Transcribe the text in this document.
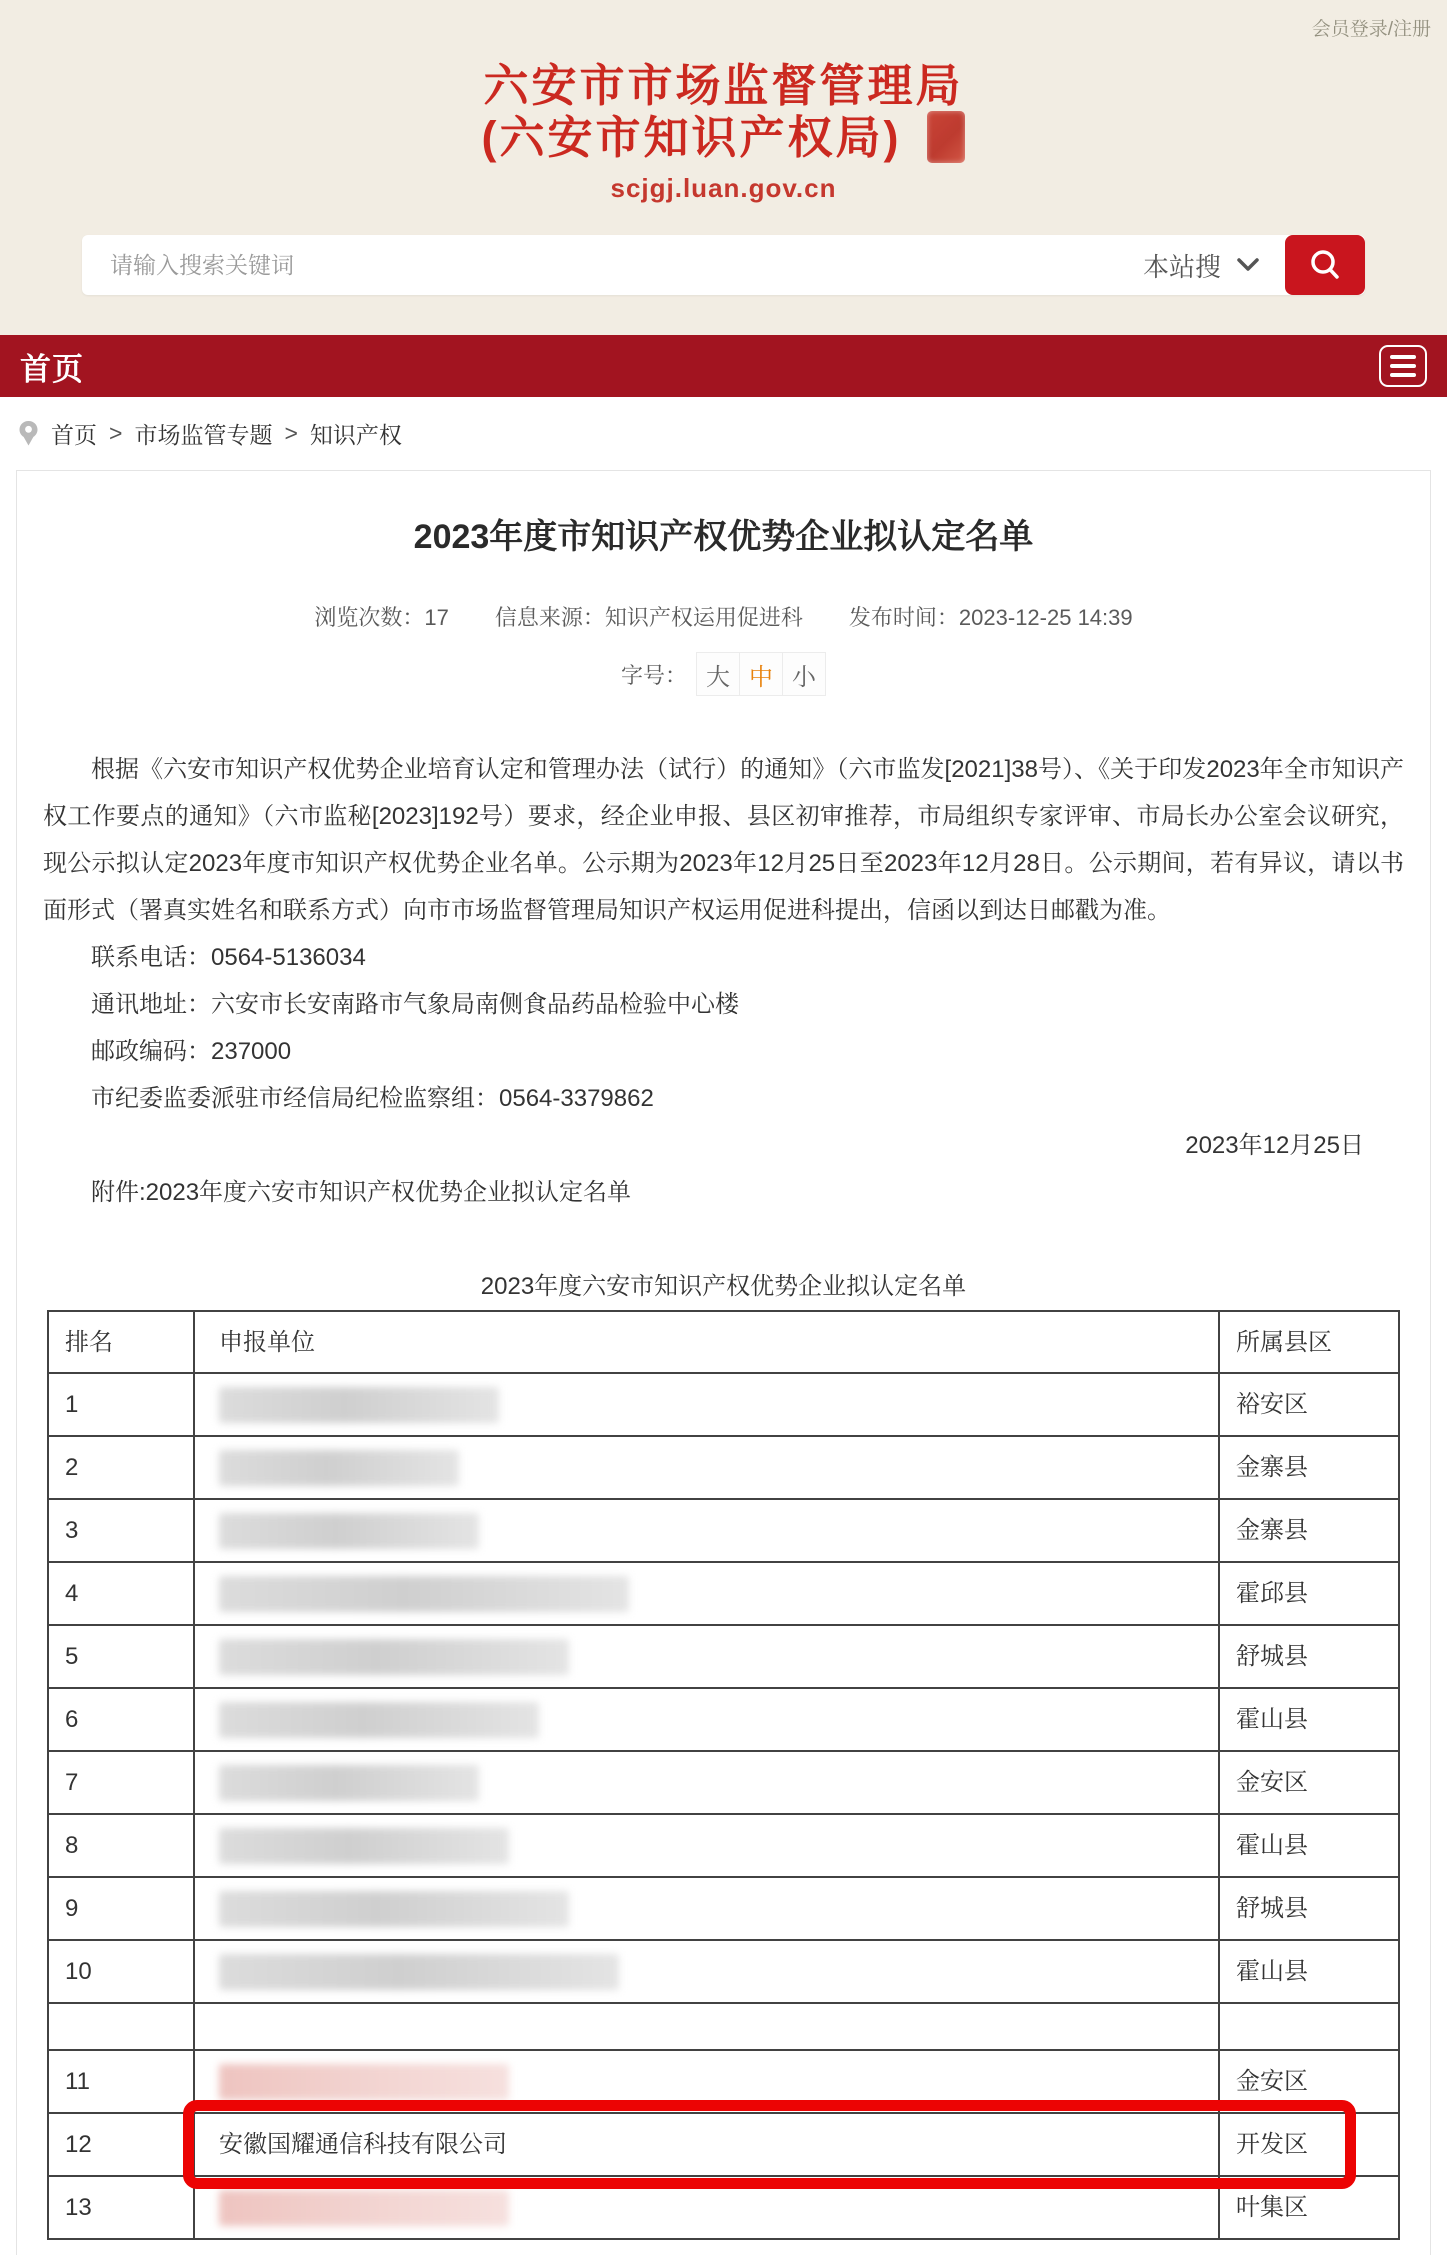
会员登录/注册
六安市市场监督管理局
(六安市知识产权局)
scjgj.luan.gov.cn
请输入搜索关键词
本站搜
首页
首页 > 市场监管专题 > 知识产权
2023年度市知识产权优势企业拟认定名单
浏览次数：17 信息来源：知识产权运用促进科 发布时间：2023-12-25 14:39
字号： 大 中 小

根据《六安市知识产权优势企业培育认定和管理办法（试行）的通知》（六市监发[2021]38号）、《关于印发2023年全市知识产权工作要点的通知》（六市监秘[2023]192号）要求，经企业申报、县区初审推荐，市局组织专家评审、市局长办公室会议研究，现公示拟认定2023年度市知识产权优势企业名单。公示期为2023年12月25日至2023年12月28日。公示期间，若有异议，请以书面形式（署真实姓名和联系方式）向市市场监督管理局知识产权运用促进科提出，信函以到达日邮戳为准。

联系电话：0564-5136034

通讯地址：六安市长安南路市气象局南侧食品药品检验中心楼

邮政编码：237000

市纪委监委派驻市经信局纪检监察组：0564-3379862

2023年12月25日

附件:2023年度六安市知识产权优势企业拟认定名单

2023年度六安市知识产权优势企业拟认定名单
排名	申报单位	所属县区
1		裕安区
2		金寨县
3		金寨县
4		霍邱县
5		舒城县
6		霍山县
7		金安区
8		霍山县
9		舒城县
10		霍山县

11		金安区
12	安徽国耀通信科技有限公司	开发区
13		叶集区
